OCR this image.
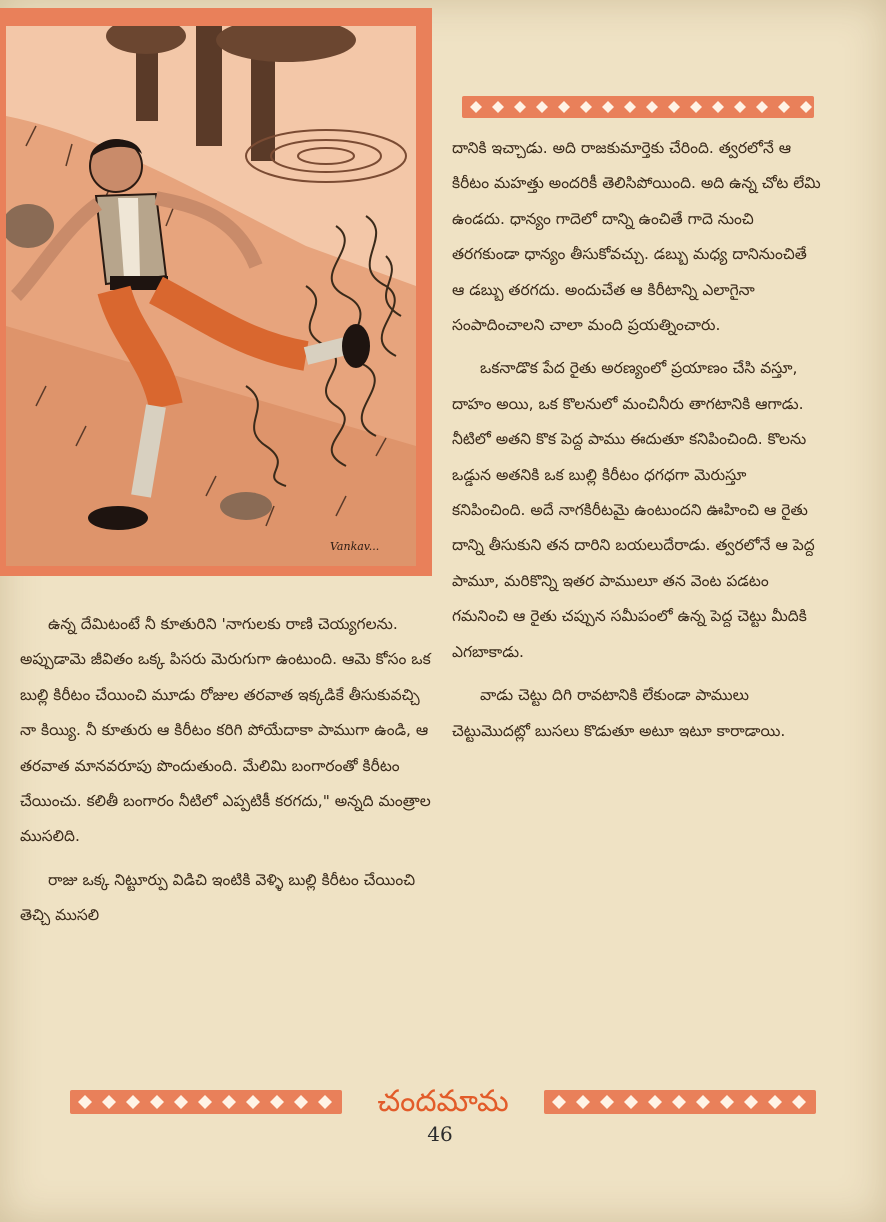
Vankav...

దానికి ఇచ్చాడు. అది రాజకుమార్తెకు చేరింది. త్వరలోనే ఆ కిరీటం మహత్తు అందరికీ తెలిసిపోయింది. అది ఉన్న చోట లేమి ఉండదు. ధాన్యం గాదెలో దాన్ని ఉంచితే గాదె నుంచి తరగకుండా ధాన్యం తీసుకోవచ్చు. డబ్బు మధ్య దానినుంచితే ఆ డబ్బు తరగదు. అందుచేత ఆ కిరీటాన్ని ఎలాగైనా సంపాదించాలని చాలా మంది ప్రయత్నించారు.

ఒకనాడొక పేద రైతు అరణ్యంలో ప్రయాణం చేసి వస్తూ, దాహం అయి, ఒక కొలనులో మంచినీరు తాగటానికి ఆగాడు. నీటిలో అతని కొక పెద్ద పాము ఈదుతూ కనిపించింది. కొలను ఒడ్డున అతనికి ఒక బుల్లి కిరీటం ధగధగా మెరుస్తూ కనిపించింది. అదే నాగకిరీటమై ఉంటుందని ఊహించి ఆ రైతు దాన్ని తీసుకుని తన దారిని బయలుదేరాడు. త్వరలోనే ఆ పెద్ద పామూ, మరికొన్ని ఇతర పాములూ తన వెంట పడటం గమనించి ఆ రైతు చప్పున సమీపంలో ఉన్న పెద్ద చెట్టు మీదికి ఎగబాకాడు.

వాడు చెట్టు దిగి రావటానికి లేకుండా పాములు చెట్టుమొదట్లో బుసలు కొడుతూ అటూ ఇటూ కారాడాయి.

ఉన్న దేమిటంటే నీ కూతురిని 'నాగులకు రాణి చెయ్యగలను. అప్పుడామె జీవితం ఒక్క పిసరు మెరుగుగా ఉంటుంది. ఆమె కోసం ఒక బుల్లి కిరీటం చేయించి మూడు రోజుల తరవాత ఇక్కడికే తీసుకువచ్చి నా కియ్యి. నీ కూతురు ఆ కిరీటం కరిగి పోయేదాకా పాముగా ఉండి, ఆ తరవాత మానవరూపు పొందుతుంది. మేలిమి బంగారంతో కిరీటం చేయించు. కలితీ బంగారం నీటిలో ఎప్పటికీ కరగదు," అన్నది మంత్రాల ముసలిది.

రాజు ఒక్క నిట్టూర్పు విడిచి ఇంటికి వెళ్ళి బుల్లి కిరీటం చేయించి తెచ్చి ముసలి

చందమామ
46
